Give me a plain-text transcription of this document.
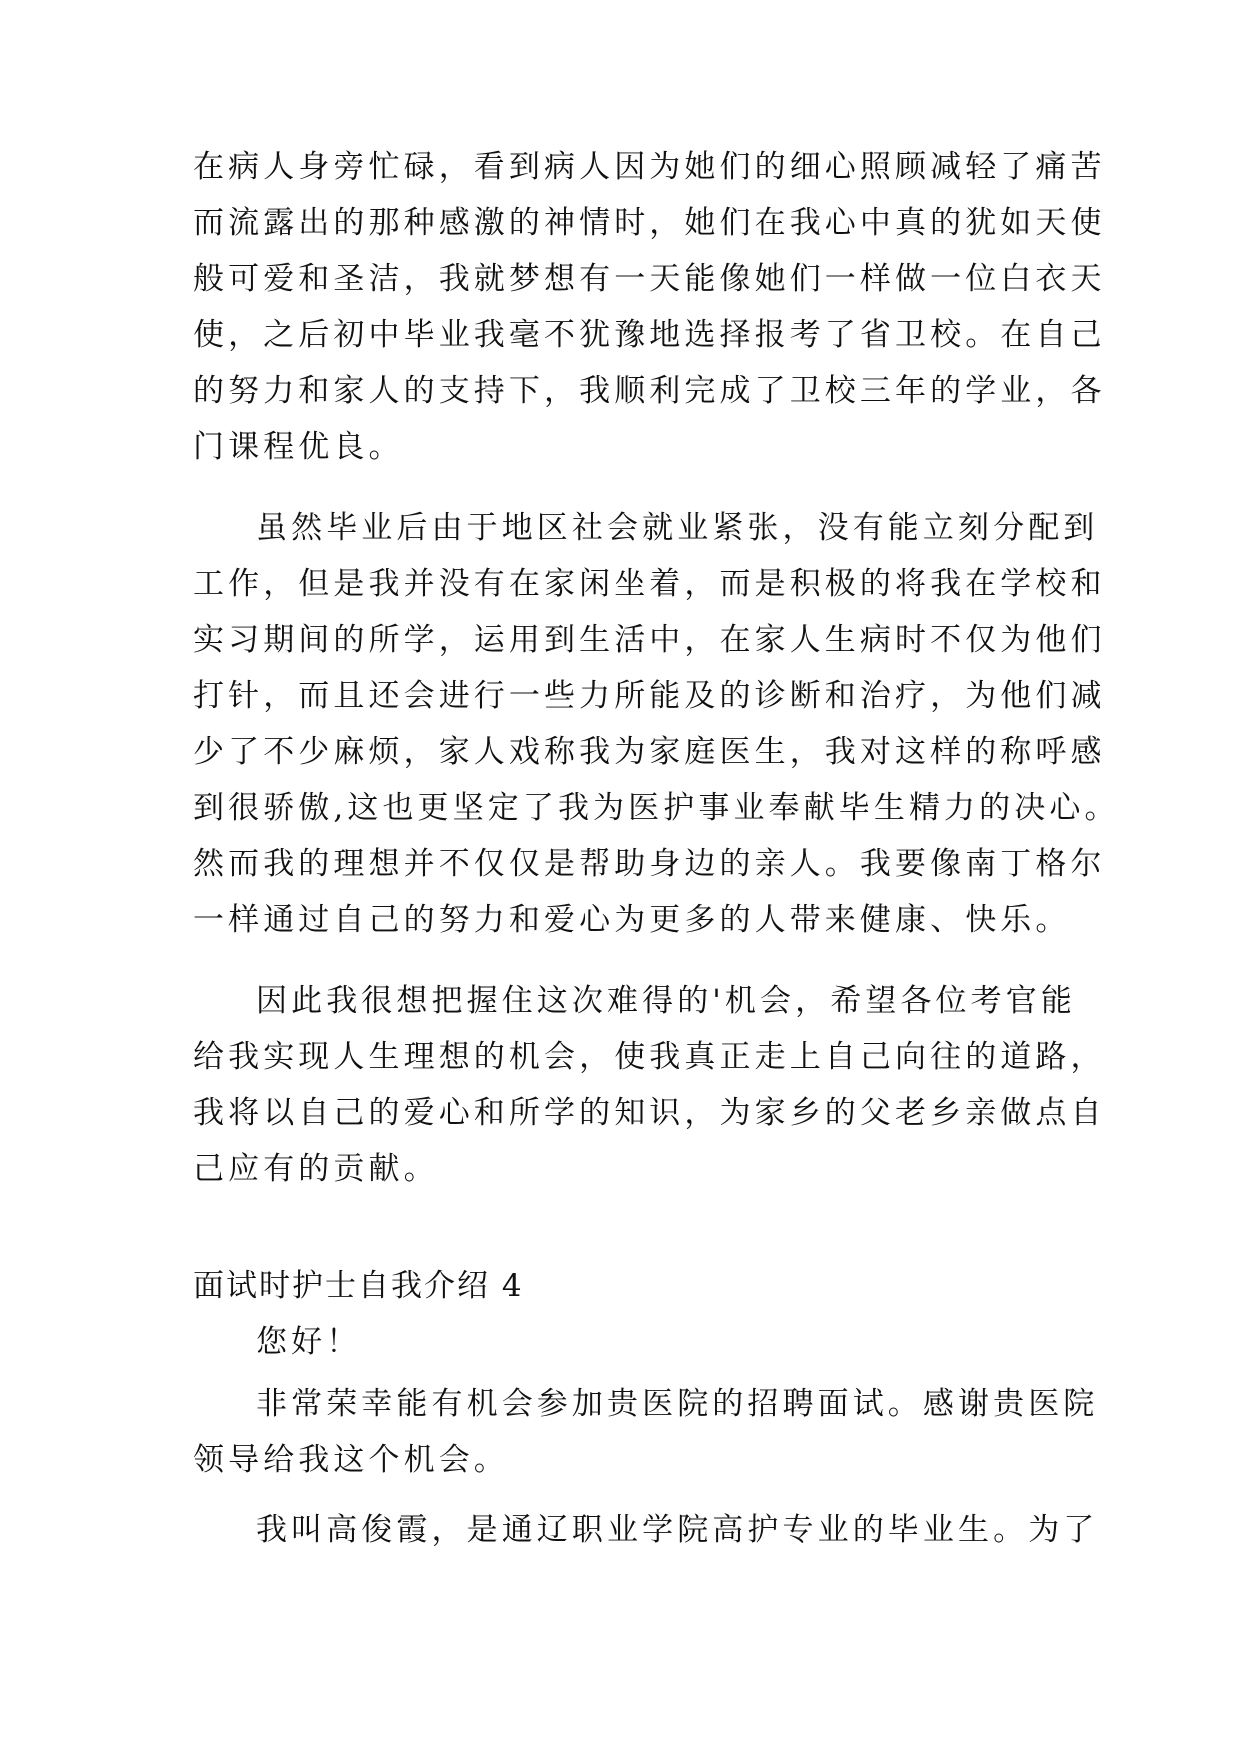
在病人身旁忙碌，看到病人因为她们的细心照顾减轻了痛苦
而流露出的那种感激的神情时，她们在我心中真的犹如天使
般可爱和圣洁，我就梦想有一天能像她们一样做一位白衣天
使，之后初中毕业我毫不犹豫地选择报考了省卫校。在自己
的努力和家人的支持下，我顺利完成了卫校三年的学业，各
门课程优良。
虽然毕业后由于地区社会就业紧张，没有能立刻分配到
工作，但是我并没有在家闲坐着，而是积极的将我在学校和
实习期间的所学，运用到生活中，在家人生病时不仅为他们
打针，而且还会进行一些力所能及的诊断和治疗，为他们减
少了不少麻烦，家人戏称我为家庭医生，我对这样的称呼感
到很骄傲,这也更坚定了我为医护事业奉献毕生精力的决心。
然而我的理想并不仅仅是帮助身边的亲人。我要像南丁格尔
一样通过自己的努力和爱心为更多的人带来健康、快乐。
因此我很想把握住这次难得的'机会，希望各位考官能
给我实现人生理想的机会，使我真正走上自己向往的道路，
我将以自己的爱心和所学的知识，为家乡的父老乡亲做点自
己应有的贡献。
面试时护士自我介绍 4
您好！
非常荣幸能有机会参加贵医院的招聘面试。感谢贵医院
领导给我这个机会。
我叫高俊霞，是通辽职业学院高护专业的毕业生。为了
